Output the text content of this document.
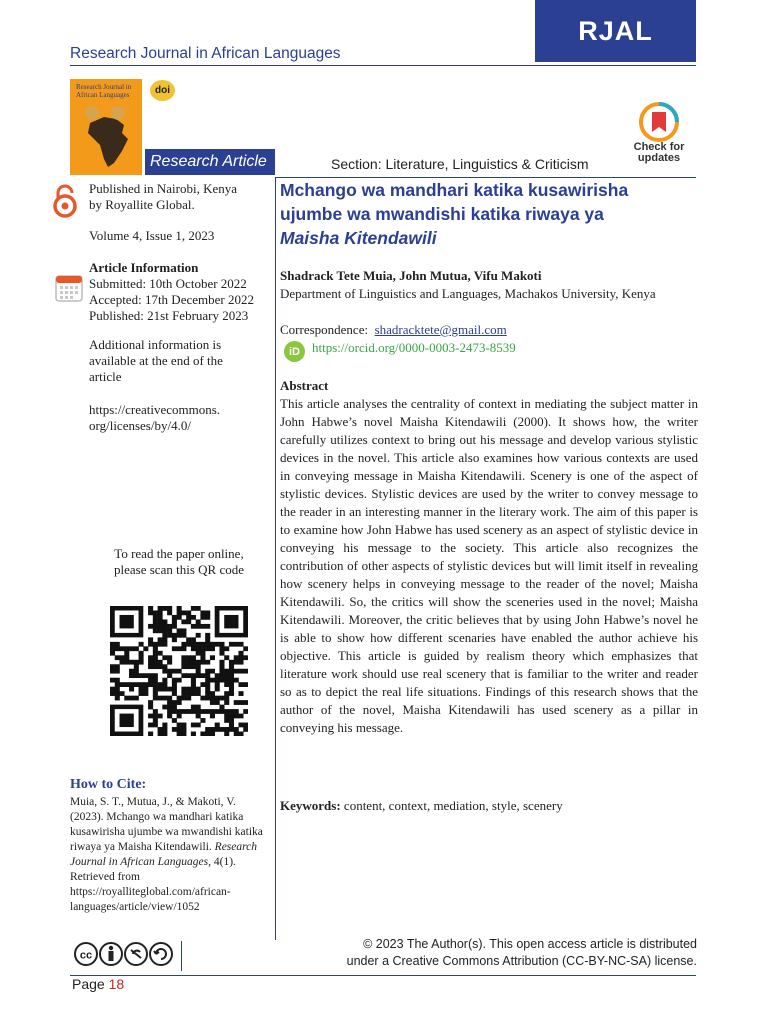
RJAL
Research Journal in African Languages
Research Journal in African Languages	doi
Research Article	Section: Literature, Linguistics & Criticism
Check for
updates
Published in Nairobi, Kenya
by Royallite Global.
Volume 4, Issue 1, 2023
Article Information
Submitted: 10th October 2022
Accepted: 17th December 2022
Published: 21st February 2023
Additional information is
available at the end of the
article
https://creativecommons.
org/licenses/by/4.0/
To read the paper online,
please scan this QR code
How to Cite:
Muia, S. T., Mutua, J., & Makoti, V. (2023). Mchango wa mandhari katika kusawirisha ujumbe wa mwandishi katika riwaya ya Maisha Kitendawili. Research Journal in African Languages, 4(1). Retrieved from https://royalliteglobal.com/african-languages/article/view/1052
Mchango wa mandhari katika kusawirisha
ujumbe wa mwandishi katika riwaya ya
Maisha Kitendawili
Shadrack Tete Muia, John Mutua, Vifu Makoti
Department of Linguistics and Languages, Machakos University, Kenya
Correspondence: shadracktete@gmail.com
iD https://orcid.org/0000-0003-2473-8539
Abstract
This article analyses the centrality of context in mediating the subject matter in John Habwe’s novel Maisha Kitendawili (2000). It shows how, the writer carefully utilizes context to bring out his message and develop various stylistic devices in the novel. This article also examines how various contexts are used in conveying message in Maisha Kitendawili. Scenery is one of the aspect of stylistic devices. Stylistic devices are used by the writer to convey message to the reader in an interesting manner in the literary work. The aim of this paper is to examine how John Habwe has used scenery as an aspect of stylistic device in conveying his message to the society. This article also recognizes the contribution of other aspects of stylistic devices but will limit itself in revealing how scenery helps in conveying message to the reader of the novel; Maisha Kitendawili. So, the critics will show the sceneries used in the novel; Maisha Kitendawili. Moreover, the critic believes that by using John Habwe’s novel he is able to show how different scenaries have enabled the author achieve his objective. This article is guided by realism theory which emphasizes that literature work should use real scenery that is familiar to the writer and reader so as to depict the real life situations. Findings of this research shows that the author of the novel, Maisha Kitendawili has used scenery as a pillar in conveying his message.
Keywords: content, context, mediation, style, scenery
cc
© 2023 The Author(s). This open access article is distributed
under a Creative Commons Attribution (CC-BY-NC-SA) license.
Page 18
